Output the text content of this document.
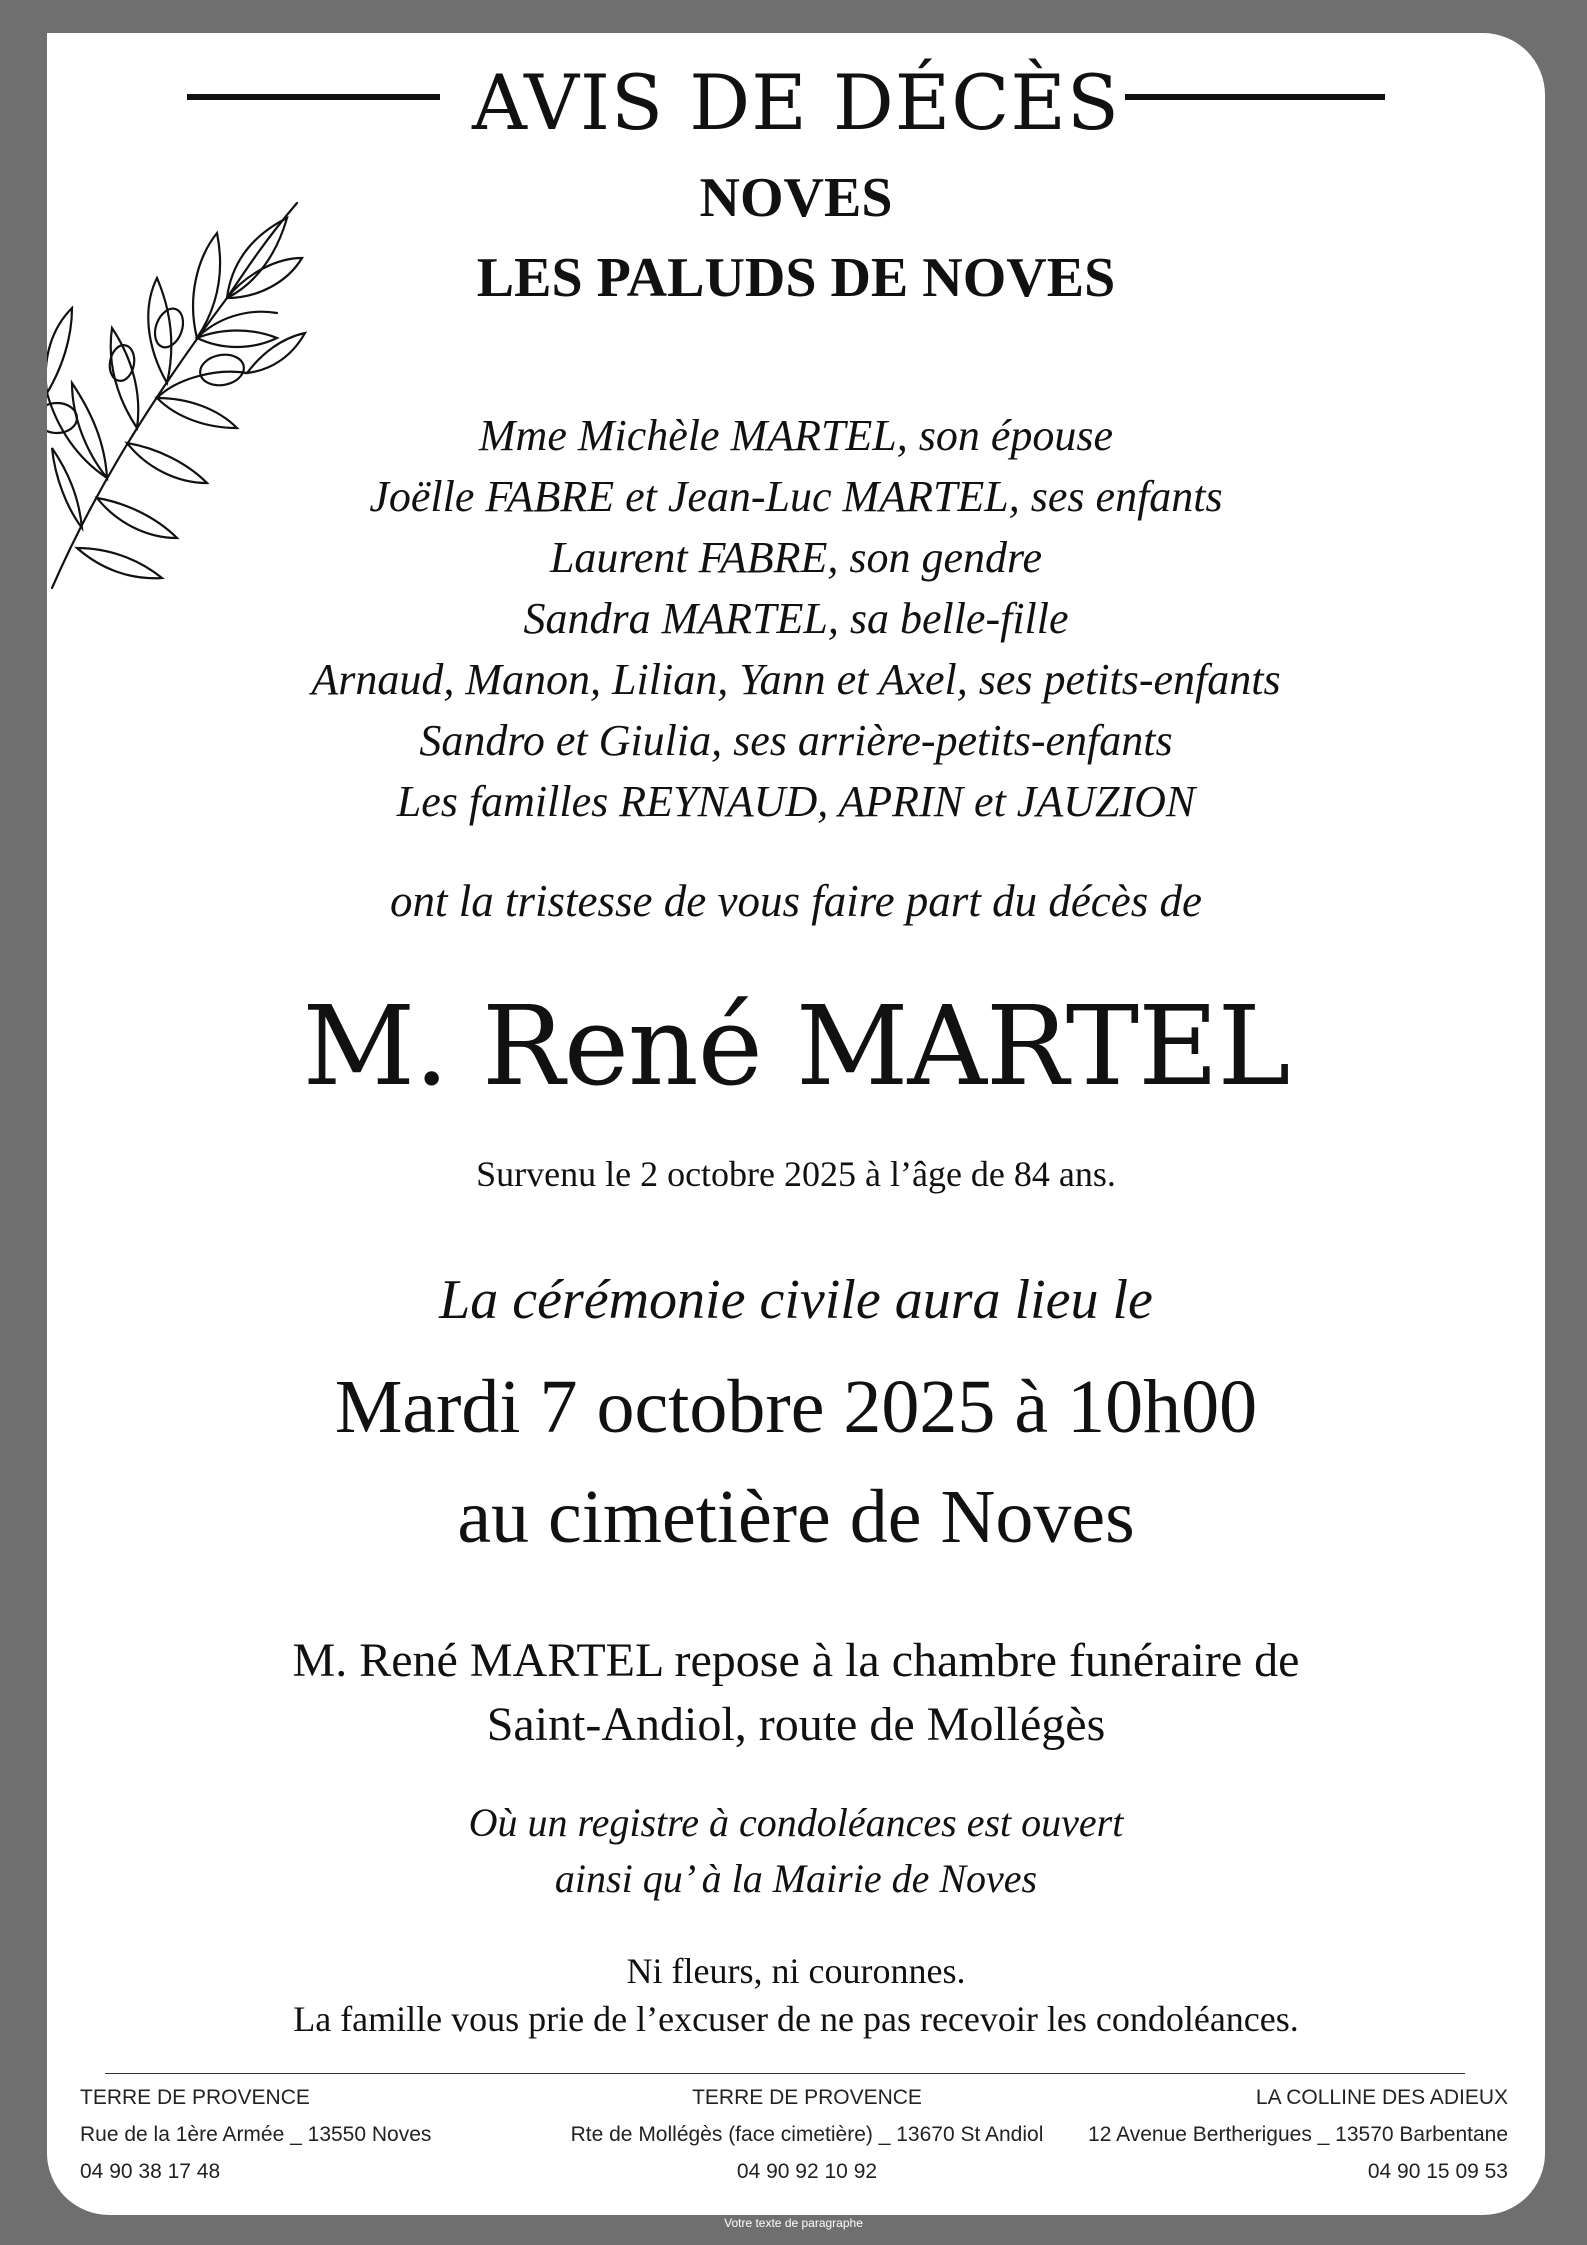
AVIS DE DÉCÈS
NOVES
LES PALUDS DE NOVES
Mme Michèle MARTEL, son épouse
Joëlle FABRE et Jean-Luc MARTEL, ses enfants
Laurent FABRE, son gendre
Sandra MARTEL, sa belle-fille
Arnaud, Manon, Lilian, Yann et Axel, ses petits-enfants
Sandro et Giulia, ses arrière-petits-enfants
Les familles REYNAUD, APRIN et JAUZION
ont la tristesse de vous faire part du décès de
M. René MARTEL
Survenu le 2 octobre 2025 à l’âge de 84 ans.
La cérémonie civile aura lieu le
Mardi 7 octobre 2025 à 10h00
au cimetière de Noves
M. René MARTEL repose à la chambre funéraire de
Saint-Andiol, route de Mollégès
Où un registre à condoléances est ouvert
ainsi qu’ à la Mairie de Noves
Ni fleurs, ni couronnes.
La famille vous prie de l’excuser de ne pas recevoir les condoléances.
TERRE DE PROVENCE
Rue de la 1ère Armée _ 13550 Noves
04 90 38 17 48
TERRE DE PROVENCE
Rte de Mollégès (face cimetière) _ 13670 St Andiol
04 90 92 10 92
LA COLLINE DES ADIEUX
12 Avenue Bertherigues _ 13570 Barbentane
04 90 15 09 53
Votre texte de paragraphe
